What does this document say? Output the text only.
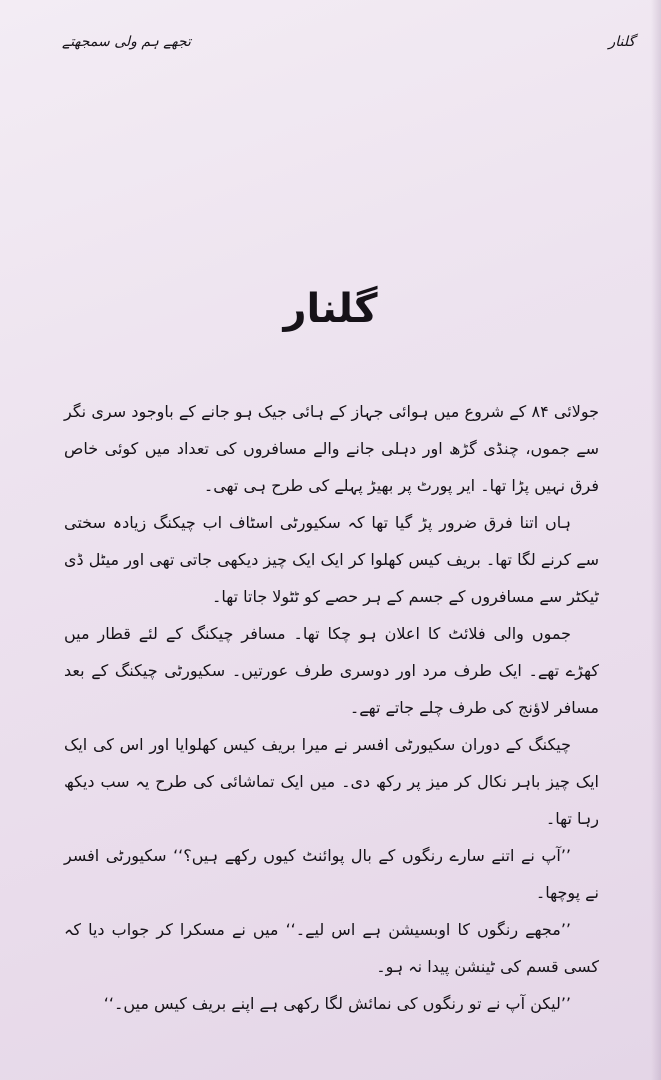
گلنار
تجھے ہم ولی سمجھتے
گلنار

جولائی ۸۴ کے شروع میں ہوائی جہاز کے ہائی جیک ہو جانے کے باوجود سری نگر سے جموں، چنڈی گڑھ اور دہلی جانے والے مسافروں کی تعداد میں کوئی خاص فرق نہیں پڑا تھا۔ ایر پورٹ پر بھیڑ پہلے کی طرح ہی تھی۔

ہاں اتنا فرق ضرور پڑ گیا تھا کہ سکیورٹی اسٹاف اب چیکنگ زیادہ سختی سے کرنے لگا تھا۔ بریف کیس کھلوا کر ایک ایک چیز دیکھی جاتی تھی اور میٹل ڈی ٹیکٹر سے مسافروں کے جسم کے ہر حصے کو ٹٹولا جاتا تھا۔

جموں والی فلائٹ کا اعلان ہو چکا تھا۔ مسافر چیکنگ کے لئے قطار میں کھڑے تھے۔ ایک طرف مرد اور دوسری طرف عورتیں۔ سکیورٹی چیکنگ کے بعد مسافر لاؤنج کی طرف چلے جاتے تھے۔

چیکنگ کے دوران سکیورٹی افسر نے میرا بریف کیس کھلوایا اور اس کی ایک ایک چیز باہر نکال کر میز پر رکھ دی۔ میں ایک تماشائی کی طرح یہ سب دیکھ رہا تھا۔

’’آپ نے اتنے سارے رنگوں کے بال پوائنٹ کیوں رکھے ہیں؟‘‘ سکیورٹی افسر نے پوچھا۔

’’مجھے رنگوں کا اوبسیشن ہے اس لیے۔‘‘ میں نے مسکرا کر جواب دیا کہ کسی قسم کی ٹینشن پیدا نہ ہو۔

’’لیکن آپ نے تو رنگوں کی نمائش لگا رکھی ہے اپنے بریف کیس میں۔‘‘
